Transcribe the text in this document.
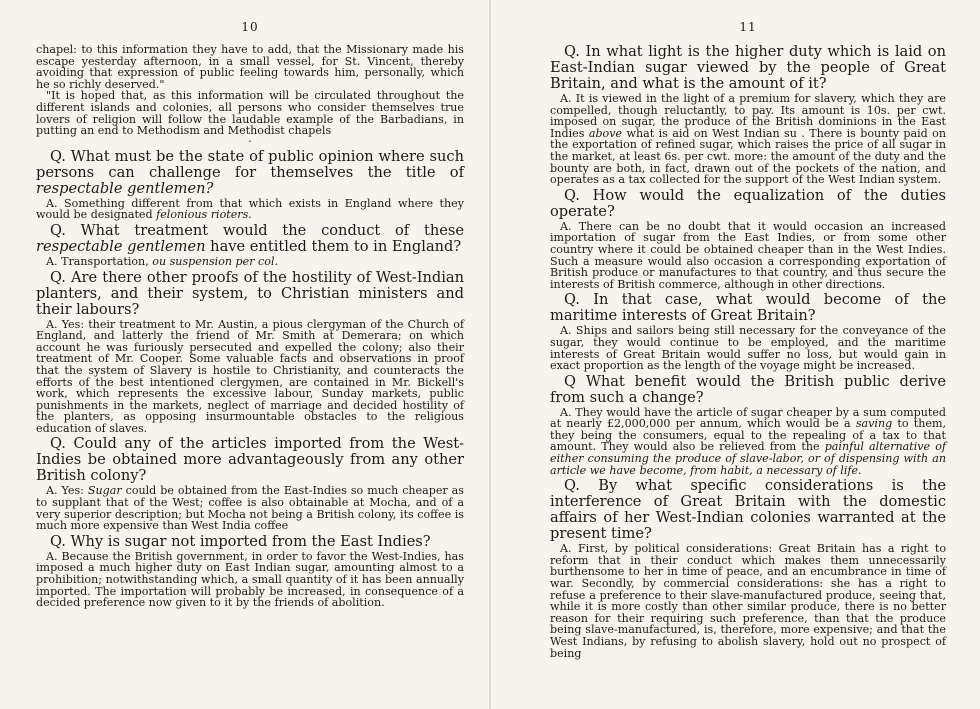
10

chapel: to this information they have to add, that the Missionary made his escape yesterday afternoon, in a small vessel, for St. Vincent, thereby avoiding that expression of public feeling towards him, personally, which he so richly deserved."

"It is hoped that, as this information will be circulated throughout the different islands and colonies, all persons who consider themselves true lovers of religion will follow the laudable example of the Barbadians, in putting an end to Methodism and Methodist chapels

·

Q. What must be the state of public opinion where such persons can challenge for themselves the title of respectable gentlemen?

A. Something different from that which exists in England where they would be designated felonious rioters.

Q. What treatment would the conduct of these respectable gentlemen have entitled them to in England?

A. Transportation, ou suspension per col.

Q. Are there other proofs of the hostility of West-Indian planters, and their system, to Christian ministers and their labours?

A. Yes: their treatment to Mr. Austin, a pious clergyman of the Church of England, and latterly the friend of Mr. Smith at Demerara; on which account he was furiously persecuted and expelled the colony; also their treatment of Mr. Cooper. Some valuable facts and observations in proof that the system of Slavery is hostile to Christianity, and counteracts the efforts of the best intentioned clergymen, are contained in Mr. Bickell's work, which represents the excessive labour, Sunday markets, public punishments in the markets, neglect of marriage and decided hostility of the planters, as opposing insurmountable obstacles to the religious education of slaves.

Q. Could any of the articles imported from the West-Indies be obtained more advantageously from any other British colony?

A. Yes: Sugar could be obtained from the East-Indies so much cheaper as to supplant that of the West; coffee is also obtainable at Mocha, and of a very superior description; but Mocha not being a British colony, its coffee is much more expensive than West India coffee

Q. Why is sugar not imported from the East Indies?

A. Because the British government, in order to favor the West-Indies, has imposed a much higher duty on East Indian sugar, amounting almost to a prohibition; notwithstanding which, a small quantity of it has been annually imported. The importation will probably be increased, in consequence of a decided preference now given to it by the friends of abolition.

11

Q. In what light is the higher duty which is laid on East-Indian sugar viewed by the people of Great Britain, and what is the amount of it?

A. It is viewed in the light of a premium for slavery, which they are compelled, though reluctantly, to pay. Its amount is 10s. per cwt. imposed on sugar, the produce of the British dominions in the East Indies above what is aid on West Indian su . There is bounty paid on the exportation of refined sugar, which raises the price of all sugar in the market, at least 6s. per cwt. more: the amount of the duty and the bounty are both, in fact, drawn out of the pockets of the nation, and operates as a tax collected for the support of the West Indian system.

Q. How would the equalization of the duties operate?

A. There can be no doubt that it would occasion an increased importation of sugar from the East Indies, or from some other country where it could be obtained cheaper than in the West Indies. Such a measure would also occasion a corresponding exportation of British produce or manufactures to that country, and thus secure the interests of British commerce, although in other directions.

Q. In that case, what would become of the maritime interests of Great Britain?

A. Ships and sailors being still necessary for the conveyance of the sugar, they would continue to be employed, and the maritime interests of Great Britain would suffer no loss, but would gain in exact proportion as the length of the voyage might be increased.

Q What benefit would the British public derive from such a change?

A. They would have the article of sugar cheaper by a sum computed at nearly £2,000,000 per annum, which would be a saving to them, they being the consumers, equal to the repealing of a tax to that amount. They would also be relieved from the painful alternative of either consuming the produce of slave-labor, or of dispensing with an article we have become, from habit, a necessary of life.

Q. By what specific considerations is the interference of Great Britain with the domestic affairs of her West-Indian colonies warranted at the present time?

A. First, by political considerations: Great Britain has a right to reform that in their conduct which makes them unnecessarily burthensome to her in time of peace, and an encumbrance in time of war. Secondly, by commercial considerations: she has a right to refuse a preference to their slave-manufactured produce, seeing that, while it is more costly than other similar produce, there is no better reason for their requiring such preference, than that the produce being slave-manufactured, is, therefore, more expensive; and that the West Indians, by refusing to abolish slavery, hold out no prospect of being
